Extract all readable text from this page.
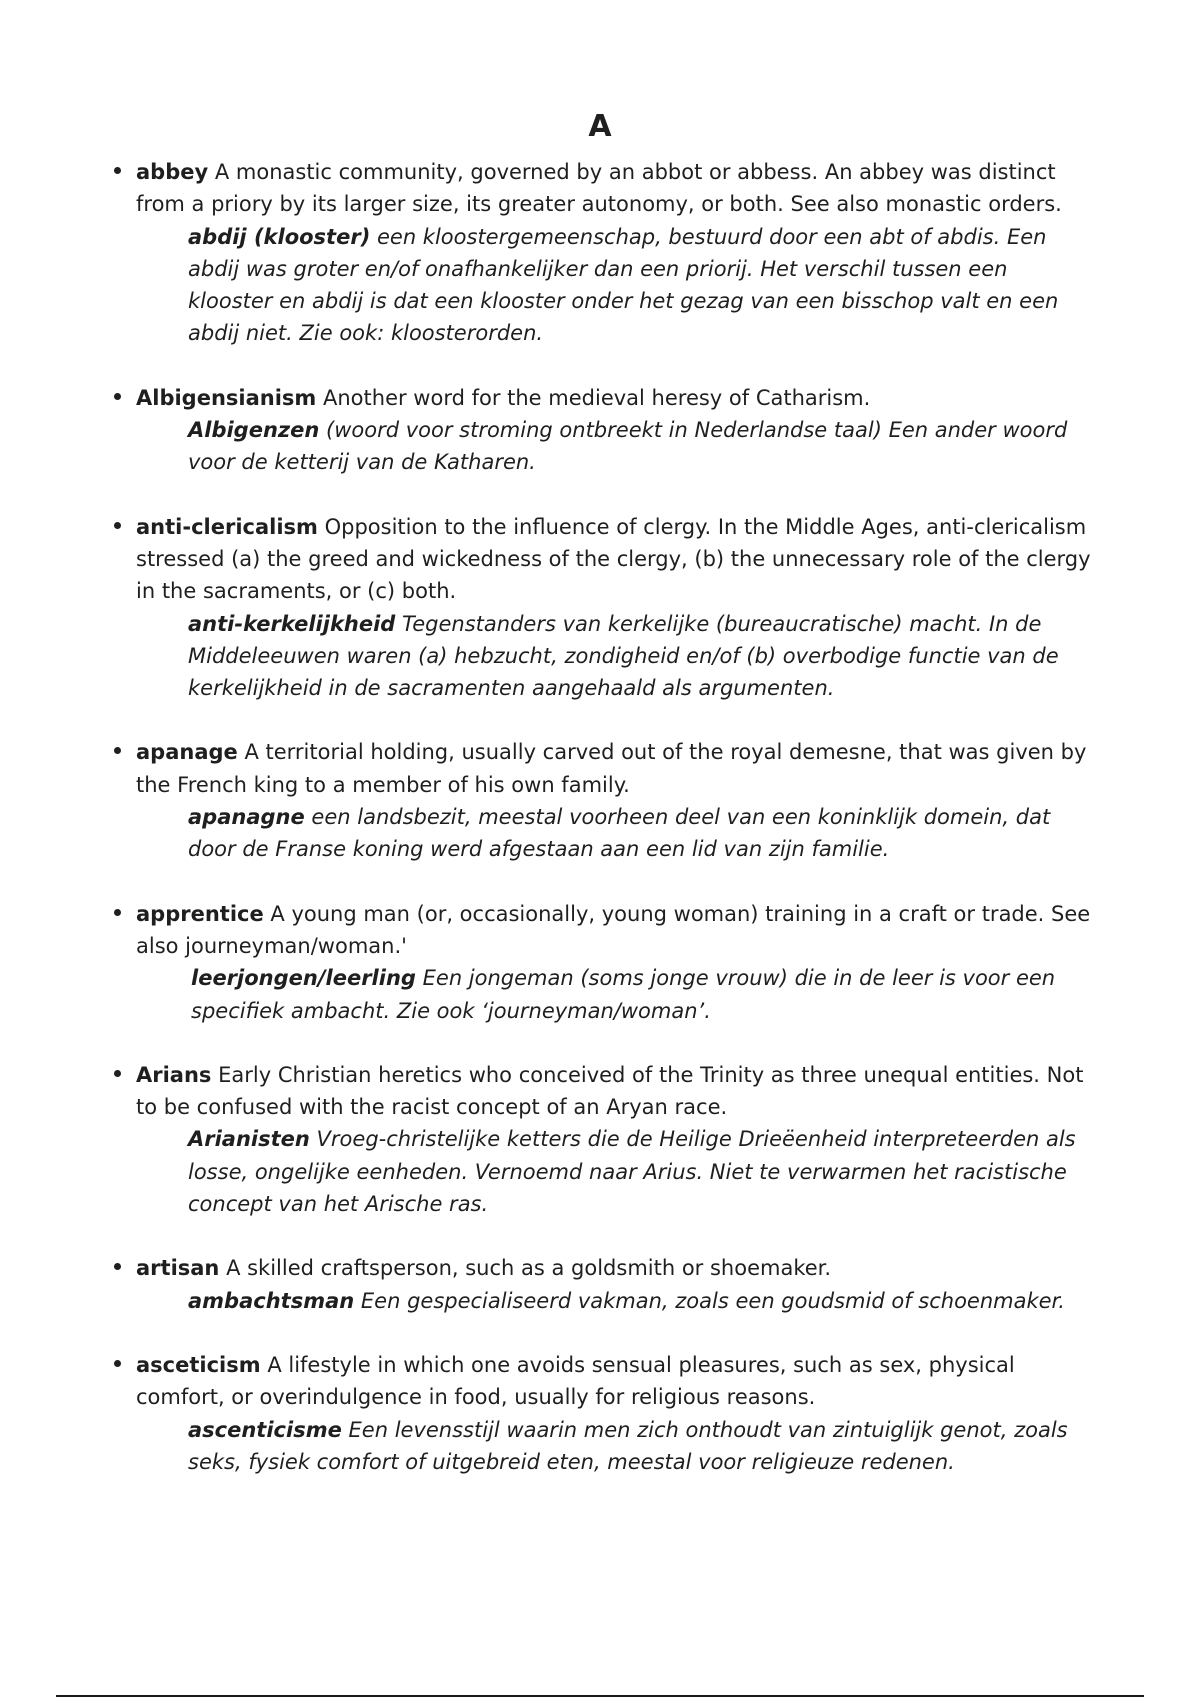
A

abbey A monastic community, governed by an abbot or abbess. An abbey was distinct from a priory by its larger size, its greater autonomy, or both. See also monastic orders.

abdij (klooster) een kloostergemeenschap, bestuurd door een abt of abdis. Een abdij was groter en/of onafhankelijker dan een priorij. Het verschil tussen een klooster en abdij is dat een klooster onder het gezag van een bisschop valt en een abdij niet. Zie ook: kloosterorden.

Albigensianism Another word for the medieval heresy of Catharism.

Albigenzen (woord voor stroming ontbreekt in Nederlandse taal) Een ander woord voor de ketterij van de Katharen.

anti-clericalism Opposition to the influence of clergy. In the Middle Ages, anti-clericalism stressed (a) the greed and wickedness of the clergy, (b) the unnecessary role of the clergy in the sacraments, or (c) both.

anti-kerkelijkheid Tegenstanders van kerkelijke (bureaucratische) macht. In de Middeleeuwen waren (a) hebzucht, zondigheid en/of (b) overbodige functie van de kerkelijkheid in de sacramenten aangehaald als argumenten.

apanage A territorial holding, usually carved out of the royal demesne, that was given by the French king to a member of his own family.

apanagne een landsbezit, meestal voorheen deel van een koninklijk domein, dat door de Franse koning werd afgestaan aan een lid van zijn familie.

apprentice A young man (or, occasionally, young woman) training in a craft or trade. See also journeyman/woman.'

leerjongen/leerling Een jongeman (soms jonge vrouw) die in de leer is voor een specifiek ambacht. Zie ook ‘journeyman/woman’.

Arians Early Christian heretics who conceived of the Trinity as three unequal entities. Not to be confused with the racist concept of an Aryan race.

Arianisten Vroeg-christelijke ketters die de Heilige Drieëenheid interpreteerden als losse, ongelijke eenheden. Vernoemd naar Arius. Niet te verwarmen het racistische concept van het Arische ras.

artisan A skilled craftsperson, such as a goldsmith or shoemaker.

ambachtsman Een gespecialiseerd vakman, zoals een goudsmid of schoenmaker.

asceticism A lifestyle in which one avoids sensual pleasures, such as sex, physical comfort, or overindulgence in food, usually for religious reasons.

ascenticisme Een levensstijl waarin men zich onthoudt van zintuiglijk genot, zoals seks, fysiek comfort of uitgebreid eten, meestal voor religieuze redenen.
